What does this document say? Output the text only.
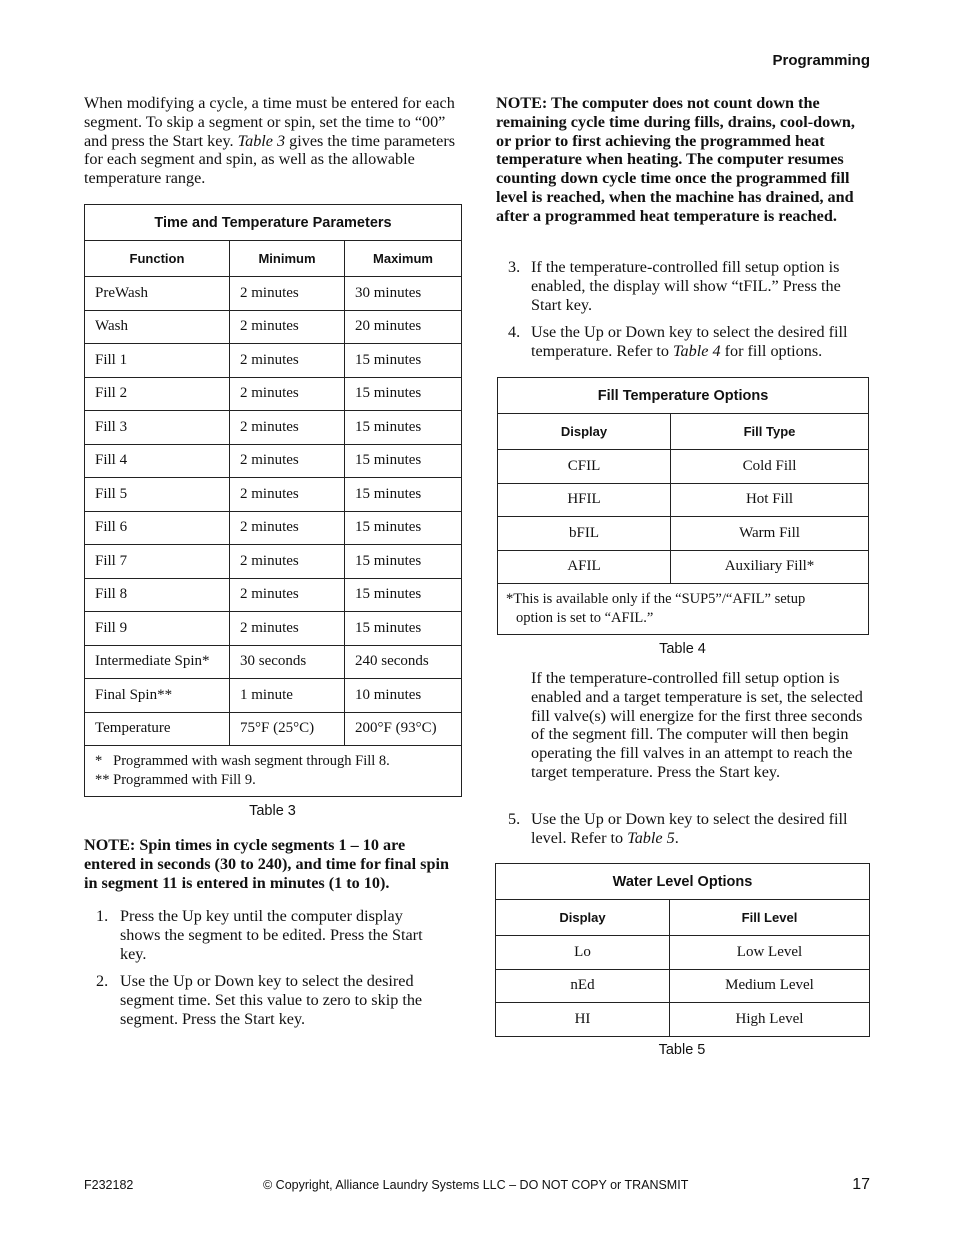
Programming

When modifying a cycle, a time must be entered for each segment. To skip a segment or spin, set the time to “00” and press the Start key. Table 3 gives the time parameters for each segment and spin, as well as the allowable temperature range.

Time and Temperature Parameters		
Function	Minimum	Maximum
PreWash	2 minutes	30 minutes
Wash	2 minutes	20 minutes
Fill 1	2 minutes	15 minutes
Fill 2	2 minutes	15 minutes
Fill 3	2 minutes	15 minutes
Fill 4	2 minutes	15 minutes
Fill 5	2 minutes	15 minutes
Fill 6	2 minutes	15 minutes
Fill 7	2 minutes	15 minutes
Fill 8	2 minutes	15 minutes
Fill 9	2 minutes	15 minutes
Intermediate Spin*	30 seconds	240 seconds
Final Spin**	1 minute	10 minutes
Temperature	75°F (25°C)	200°F (93°C)

*   Programmed with wash segment through Fill 8.
** Programmed with Fill 9.		
Table 3

NOTE: Spin times in cycle segments 1 – 10 are entered in seconds (30 to 240), and time for final spin in segment 11 is entered in minutes (1 to 10).

1. Press the Up key until the computer display shows the segment to be edited. Press the Start key.
2. Use the Up or Down key to select the desired segment time. Set this value to zero to skip the segment. Press the Start key.

NOTE: The computer does not count down the remaining cycle time during fills, drains, cool-down, or prior to first achieving the programmed heat temperature when heating. The computer resumes counting down cycle time once the programmed fill level is reached, when the machine has drained, and after a programmed heat temperature is reached.

3. If the temperature-controlled fill setup option is enabled, the display will show “tFIL.” Press the Start key.
4. Use the Up or Down key to select the desired fill temperature. Refer to Table 4 for fill options.
Fill Temperature Options	
Display	Fill Type
CFIL	Cold Fill
HFIL	Hot Fill
bFIL	Warm Fill
AFIL	Auxiliary Fill*

*This is available only if the “SUP5”/“AFIL” setup
option is set to “AFIL.”	
Table 4

If the temperature-controlled fill setup option is enabled and a target temperature is set, the selected fill valve(s) will energize for the first three seconds of the segment fill. The computer will then begin operating the fill valves in an attempt to reach the target temperature. Press the Start key.

5. Use the Up or Down key to select the desired fill level. Refer to Table 5.
Water Level Options	
Display	Fill Level
Lo	Low Level
nEd	Medium Level
HI	High Level
Table 5
F232182	© Copyright, Alliance Laundry Systems LLC – DO NOT COPY or TRANSMIT	17
